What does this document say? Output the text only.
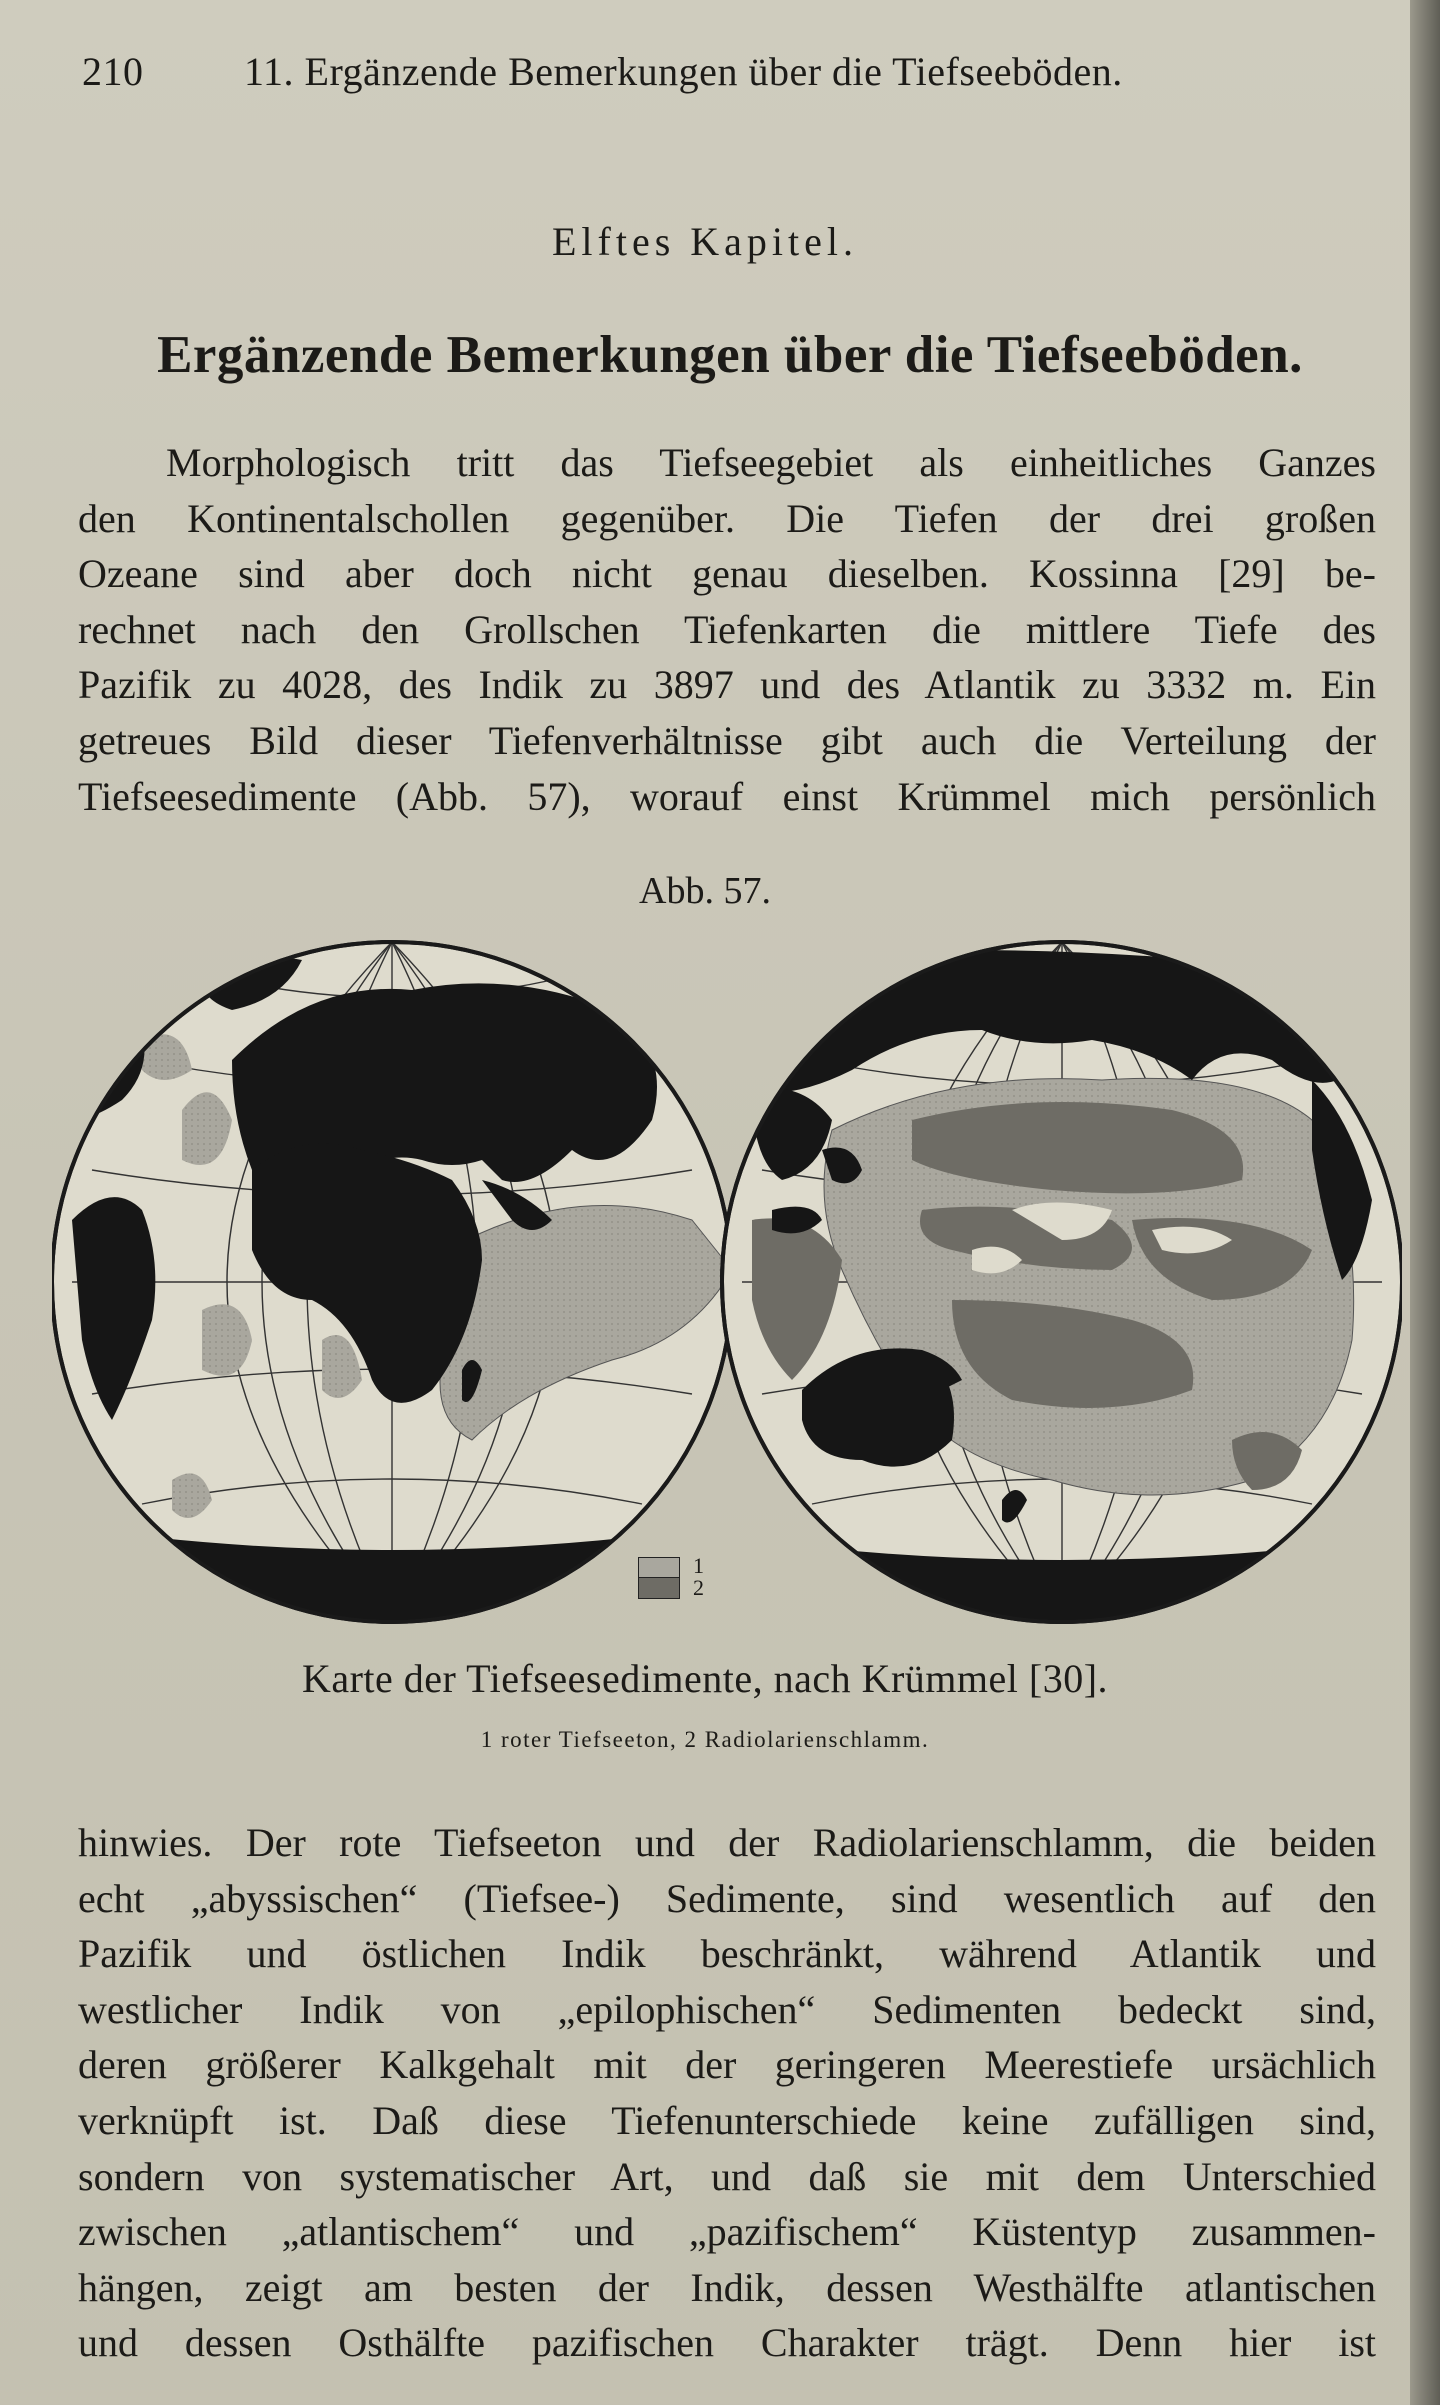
210	11. Ergänzende Bemerkungen über die Tiefseeböden.
Elftes Kapitel.
Ergänzende Bemerkungen über die Tiefseeböden.

Morphologisch tritt das Tiefseegebiet als einheitliches Ganzes
den Kontinentalschollen gegenüber. Die Tiefen der drei großen
Ozeane sind aber doch nicht genau dieselben. Kossinna [29] be-
rechnet nach den Grollschen Tiefenkarten die mittlere Tiefe des
Pazifik zu 4028, des Indik zu 3897 und des Atlantik zu 3332 m. Ein
getreues Bild dieser Tiefenverhältnisse gibt auch die Verteilung der
Tiefseesedimente (Abb. 57), worauf einst Krümmel mich persönlich

Abb. 57.
1
2
Karte der Tiefseesedimente, nach Krümmel [30].
1 roter Tiefseeton, 2 Radiolarienschlamm.

hinwies. Der rote Tiefseeton und der Radiolarienschlamm, die beiden
echt „abyssischen“ (Tiefsee-) Sedimente, sind wesentlich auf den
Pazifik und östlichen Indik beschränkt, während Atlantik und
westlicher Indik von „epilophischen“ Sedimenten bedeckt sind,
deren größerer Kalkgehalt mit der geringeren Meerestiefe ursächlich
verknüpft ist. Daß diese Tiefenunterschiede keine zufälligen sind,
sondern von systematischer Art, und daß sie mit dem Unterschied
zwischen „atlantischem“ und „pazifischem“ Küstentyp zusammen-
hängen, zeigt am besten der Indik, dessen Westhälfte atlantischen
und dessen Osthälfte pazifischen Charakter trägt. Denn hier ist
